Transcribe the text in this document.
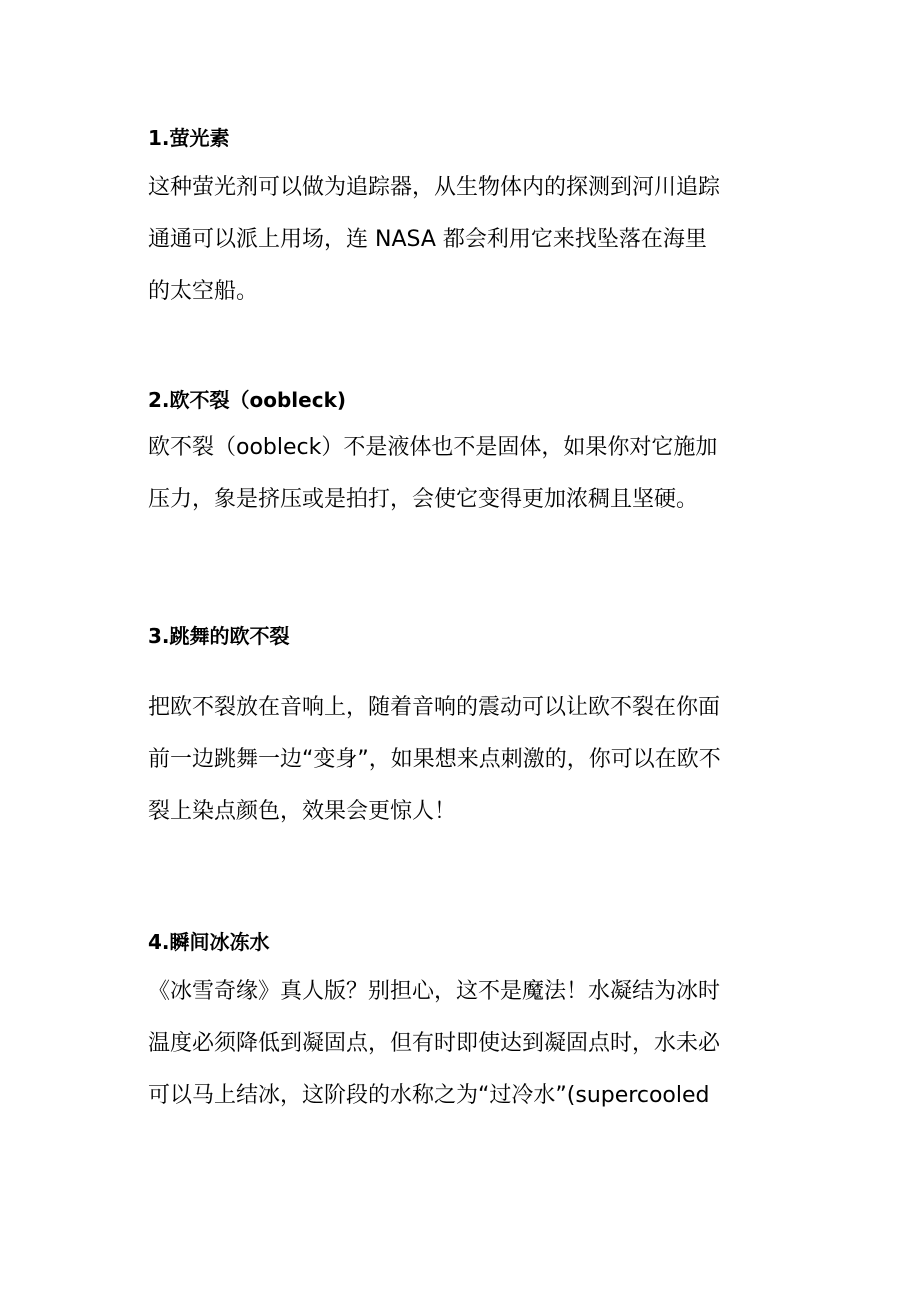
1.萤光素
这种萤光剂可以做为追踪器，从生物体内的探测到河川追踪
通通可以派上用场，连 NASA 都会利用它来找坠落在海里
的太空船。
2.欧不裂（oobleck)
欧不裂（oobleck）不是液体也不是固体，如果你对它施加
压力，象是挤压或是拍打，会使它变得更加浓稠且坚硬。
3.跳舞的欧不裂
把欧不裂放在音响上，随着音响的震动可以让欧不裂在你面
前一边跳舞一边“变身”，如果想来点刺激的，你可以在欧不
裂上染点颜色，效果会更惊人！
4.瞬间冰冻水
《冰雪奇缘》真人版？别担心，这不是魔法！水凝结为冰时
温度必须降低到凝固点，但有时即使达到凝固点时，水未必
可以马上结冰，这阶段的水称之为“过冷水”(supercooled
